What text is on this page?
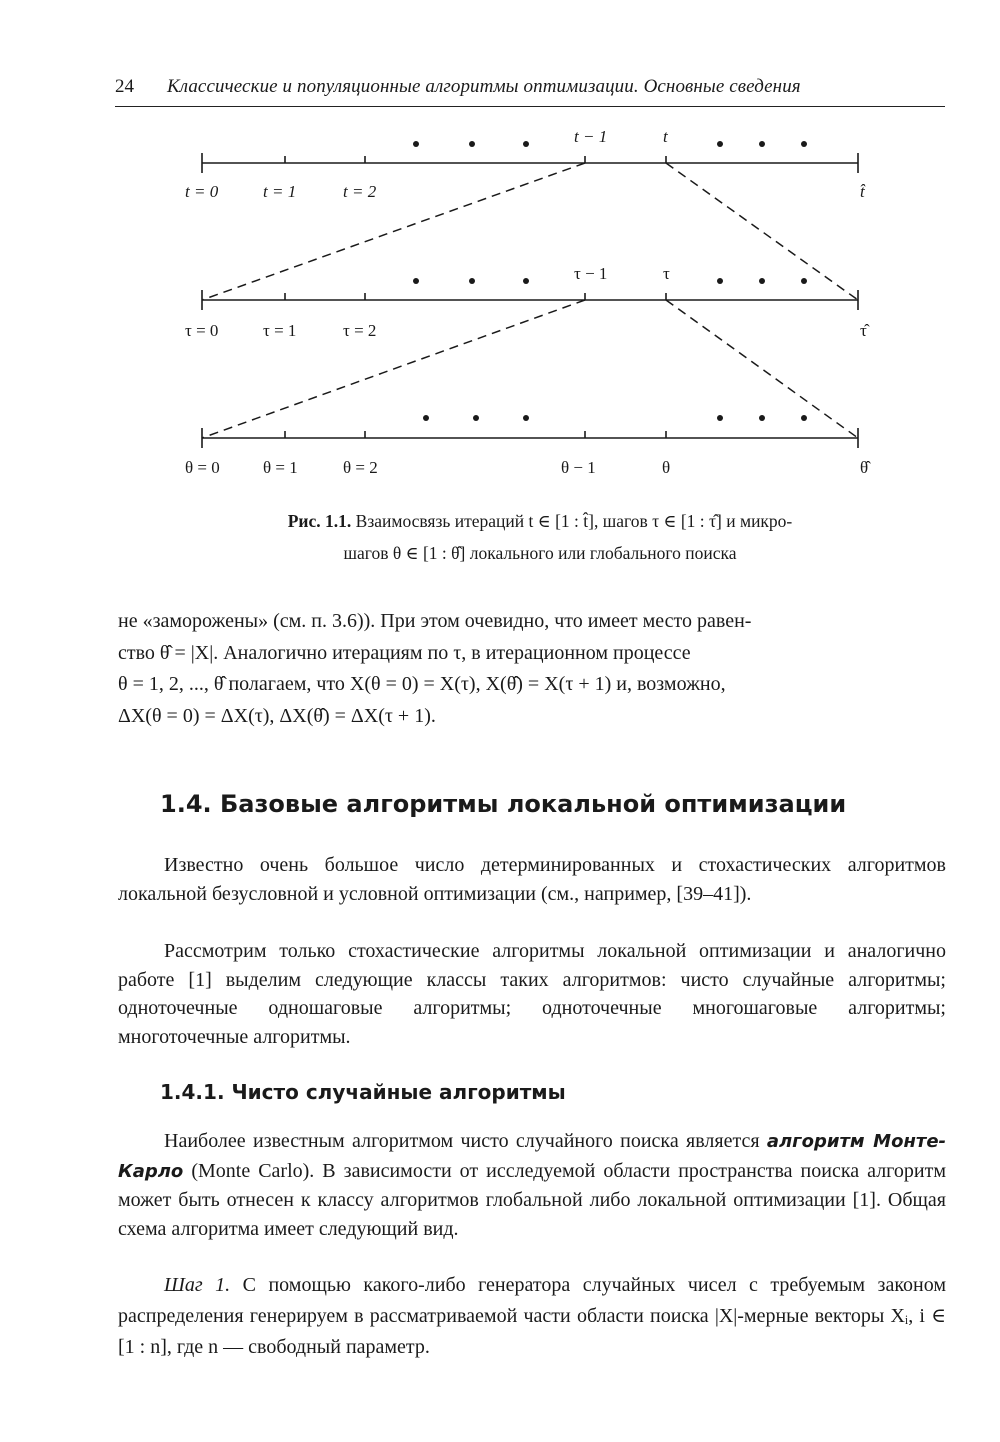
24 Классические и популяционные алгоритмы оптимизации. Основные сведения
t − 1	t
t = 0	t = 1	t = 2	t̂
τ − 1	τ
τ = 0	τ = 1	τ = 2	τ̂
θ = 0	θ = 1	θ = 2	θ − 1	θ	θ̂
Рис. 1.1. Взаимосвязь итераций t ∈ [1 : t̂], шагов τ ∈ [1 : τ̂] и микро-
шагов θ ∈ [1 : θ̂] локального или глобального поиска
не «заморожены» (см. п. 3.6)). При этом очевидно, что имеет место равен-
ство θ̂ = |X|. Аналогично итерациям по τ, в итерационном процессе
θ = 1, 2, ..., θ̂ полагаем, что X(θ = 0) = X(τ), X(θ̂) = X(τ + 1) и, возможно,
ΔX(θ = 0) = ΔX(τ), ΔX(θ̂) = ΔX(τ + 1).
1.4. Базовые алгоритмы локальной оптимизации
Известно очень большое число детерминированных и стохастических алгоритмов локальной безусловной и условной оптимизации (см., например, [39–41]).
Рассмотрим только стохастические алгоритмы локальной оптимизации и аналогично работе [1] выделим следующие классы таких алгоритмов: чисто случайные алгоритмы; одноточечные одношаговые алгоритмы; одноточечные многошаговые алгоритмы; многоточечные алгоритмы.
1.4.1. Чисто случайные алгоритмы
Наиболее известным алгоритмом чисто случайного поиска является алгоритм Монте-Карло (Monte Carlo). В зависимости от исследуемой области пространства поиска алгоритм может быть отнесен к классу алгоритмов глобальной либо локальной оптимизации [1]. Общая схема алгоритма имеет следующий вид.
Шаг 1. С помощью какого-либо генератора случайных чисел с требуемым законом распределения генерируем в рассматриваемой части области поиска |X|-мерные векторы Xᵢ, i ∈ [1 : n], где n — свободный параметр.
